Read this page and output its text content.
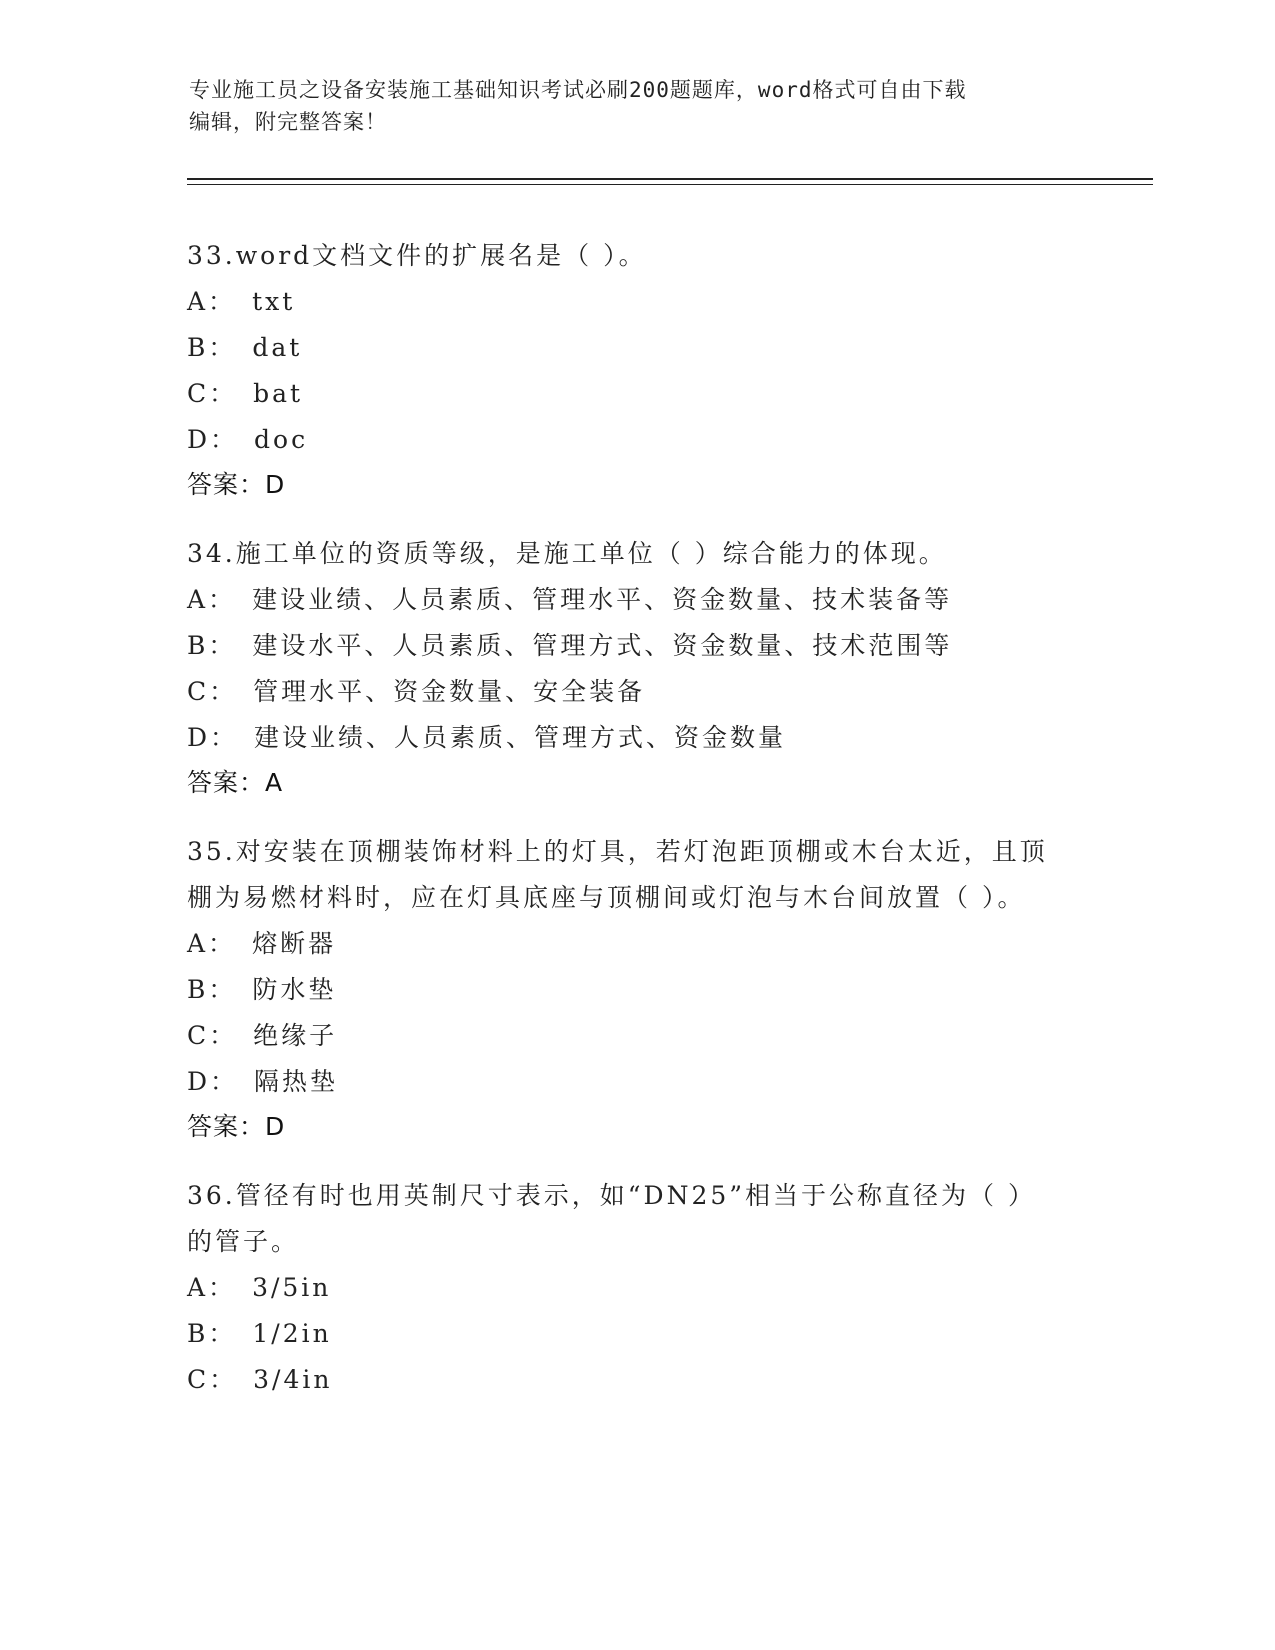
专业施工员之设备安装施工基础知识考试必刷200题题库，word格式可自由下载
编辑，附完整答案！
33.word文档文件的扩展名是（ ）。
A： txt
B： dat
C： bat
D： doc
答案：D
34.施工单位的资质等级，是施工单位（ ）综合能力的体现。
A： 建设业绩、人员素质、管理水平、资金数量、技术装备等
B： 建设水平、人员素质、管理方式、资金数量、技术范围等
C： 管理水平、资金数量、安全装备
D： 建设业绩、人员素质、管理方式、资金数量
答案：A
35.对安装在顶棚装饰材料上的灯具，若灯泡距顶棚或木台太近，且顶
棚为易燃材料时，应在灯具底座与顶棚间或灯泡与木台间放置（ ）。
A： 熔断器
B： 防水垫
C： 绝缘子
D： 隔热垫
答案：D
36.管径有时也用英制尺寸表示，如“DN25”相当于公称直径为（ ）
的管子。
A： 3/5in
B： 1/2in
C： 3/4in
